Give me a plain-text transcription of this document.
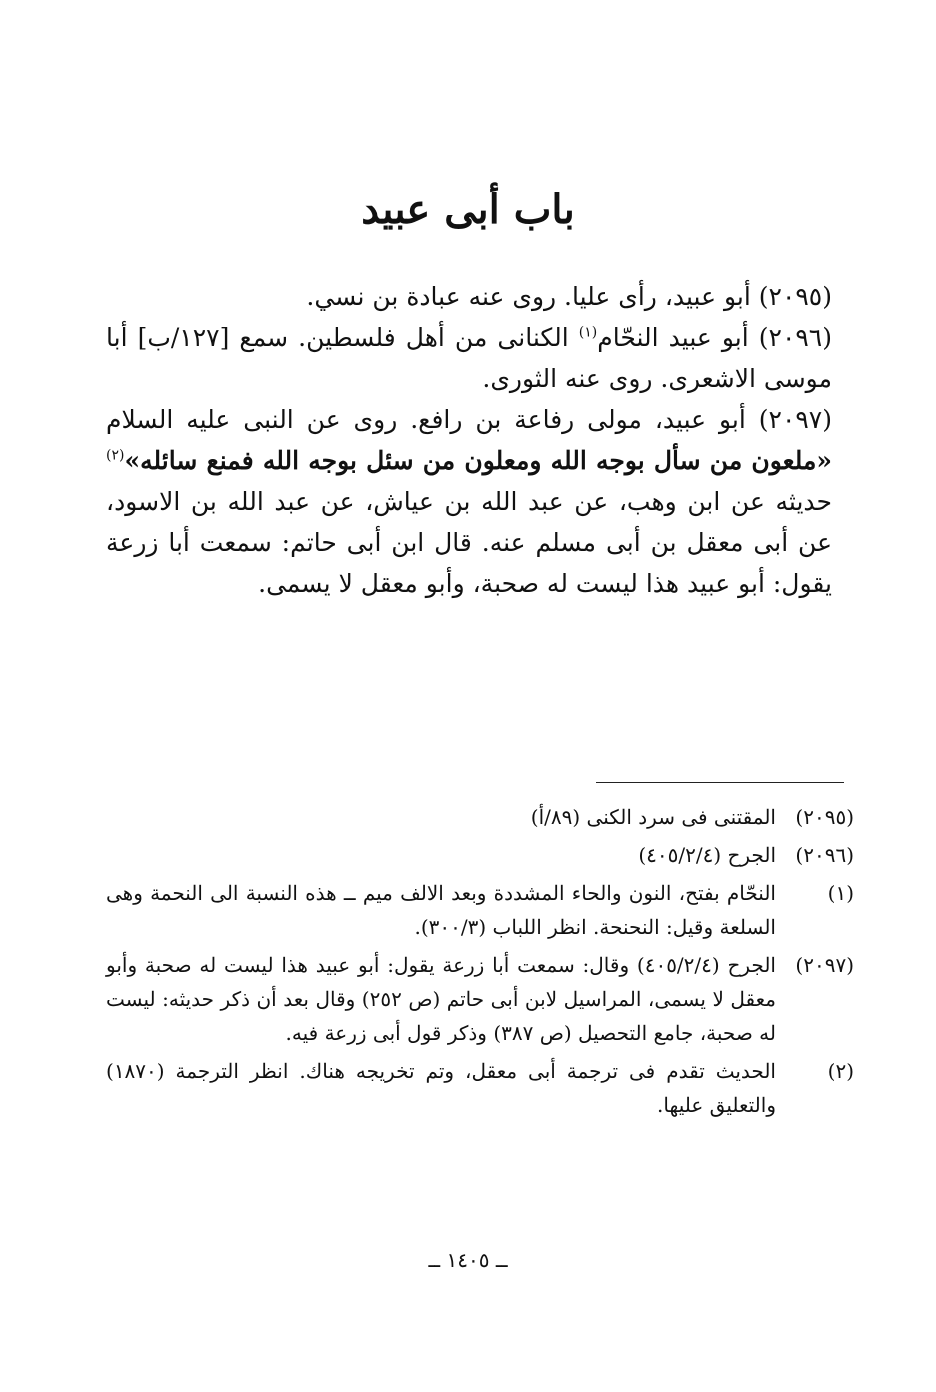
باب أبى عبيد

(٢٠٩٥) أبو عبيد، رأى عليا. روى عنه عبادة بن نسي.

(٢٠٩٦) أبو عبيد النحّام$^{(١)}$ الكنانى من أهل فلسطين. سمع [١٢٧/ب] أبا موسى الاشعرى. روى عنه الثورى.

(٢٠٩٧) أبو عبيد، مولى رفاعة بن رافع. روى عن النبى عليه السلام «ملعون من سأل بوجه الله ومعلون من سئل بوجه الله فمنع سائله»$^{(٢)}$ حديثه عن ابن وهب، عن عبد الله بن عياش، عن عبد الله بن الاسود، عن أبى معقل بن أبى مسلم عنه. قال ابن أبى حاتم: سمعت أبا زرعة يقول: أبو عبيد هذا ليست له صحبة، وأبو معقل لا يسمى.

(٢٠٩٥)
المقتنى فى سرد الكنى (٨٩/أ)
(٢٠٩٦)
الجرح (٤٠٥/٢/٤)
(١)
النحّام بفتح، النون والحاء المشددة وبعد الالف ميم ــ هذه النسبة الى النحمة وهى السلعة وقيل: النحنحة. انظر اللباب (٣٠٠/٣).
(٢٠٩٧)
الجرح (٤٠٥/٢/٤) وقال: سمعت أبا زرعة يقول: أبو عبيد هذا ليست له صحبة وأبو معقل لا يسمى، المراسيل لابن أبى حاتم (ص ٢٥٢) وقال بعد أن ذكر حديثه: ليست له صحبة، جامع التحصيل (ص ٣٨٧) وذكر قول أبى زرعة فيه.
(٢)
الحديث تقدم فى ترجمة أبى معقل، وتم تخريجه هناك. انظر الترجمة (١٨٧٠) والتعليق عليها.
ــ ١٤٠٥ ــ
